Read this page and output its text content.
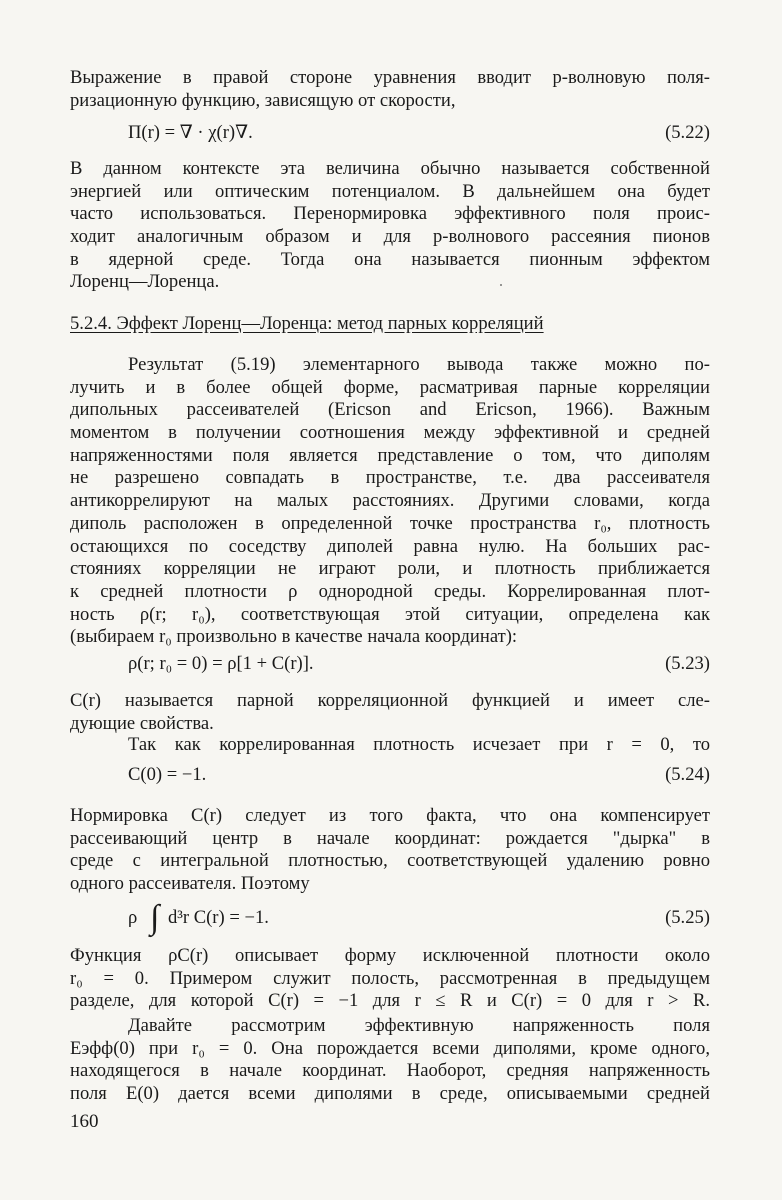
Выражение в правой стороне уравнения вводит p-волновую поля-
ризационную функцию, зависящую от скорости,
Π(r) = ∇ · χ(r)∇.	(5.22)
В данном контексте эта величина обычно называется собственной
энергией или оптическим потенциалом. В дальнейшем она будет
часто использоваться. Перенормировка эффективного поля проис-
ходит аналогичным образом и для p-волнового рассеяния пионов
в ядерной среде. Тогда она называется пионным эффектом
Лоренц—Лоренца.
5.2.4. Эффект Лоренц—Лоренца: метод парных корреляций
Результат (5.19) элементарного вывода также можно по-
лучить и в более общей форме, расматривая парные корреляции
дипольных рассеивателей (Ericson and Ericson, 1966). Важным
моментом в получении соотношения между эффективной и средней
напряженностями поля является представление о том, что диполям
не разрешено совпадать в пространстве, т.е. два рассеивателя
антикоррелируют на малых расстояниях. Другими словами, когда
диполь расположен в определенной точке пространства r₀, плотность
остающихся по соседству диполей равна нулю. На больших рас-
стояниях корреляции не играют роли, и плотность приближается
к средней плотности ρ однородной среды. Коррелированная плот-
ность ρ(r; r₀), соответствующая этой ситуации, определена как
(выбираем r₀ произвольно в качестве начала координат):
ρ(r; r₀ = 0) = ρ[1 + C(r)].	(5.23)
C(r) называется парной корреляционной функцией и имеет сле-
дующие свойства.
Так как коррелированная плотность исчезает при r = 0, то
C(0) = −1.	(5.24)
Нормировка C(r) следует из того факта, что она компенсирует
рассеивающий центр в начале координат: рождается "дырка" в
среде с интегральной плотностью, соответствующей удалению ровно
одного рассеивателя. Поэтому
ρ ∫ d³r C(r) = −1.	(5.25)
Функция ρC(r) описывает форму исключенной плотности около
r₀ = 0. Примером служит полость, рассмотренная в предыдущем
разделе, для которой C(r) = −1 для r ≤ R и C(r) = 0 для r > R.
Давайте рассмотрим эффективную напряженность поля
Eэфф(0) при r₀ = 0. Она порождается всеми диполями, кроме одного,
находящегося в начале координат. Наоборот, средняя напряженность
поля E(0) дается всеми диполями в среде, описываемыми средней
160
